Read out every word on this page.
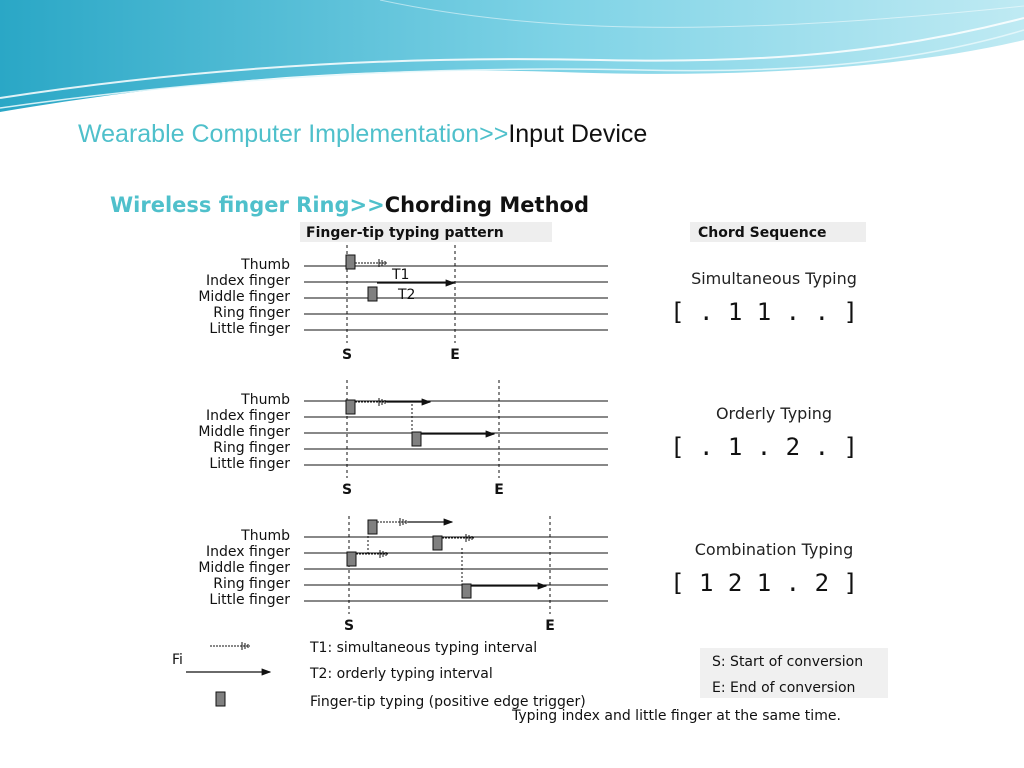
Wearable Computer Implementation>>Input Device
Finger-tip typing pattern	Chord Sequence
Thumb
Index finger
Middle finger
Ring finger
Little finger
S	E
T1
T2
Simultaneous Typing
[ . 1 1 . . ]
Thumb
Index finger
Middle finger
Ring finger
Little finger
S	E
Orderly Typing
[ . 1 . 2 . ]
Thumb
Index finger
Middle finger
Ring finger
Little finger
S	E
Combination Typing
[ 1 2 1 . 2 ]
Fi
T1: simultaneous typing interval
T2: orderly typing interval
Finger-tip typing (positive edge trigger)
S: Start of conversion
E: End of conversion
Typing index and little finger at the same time.
Wireless finger Ring>>Chording Method
